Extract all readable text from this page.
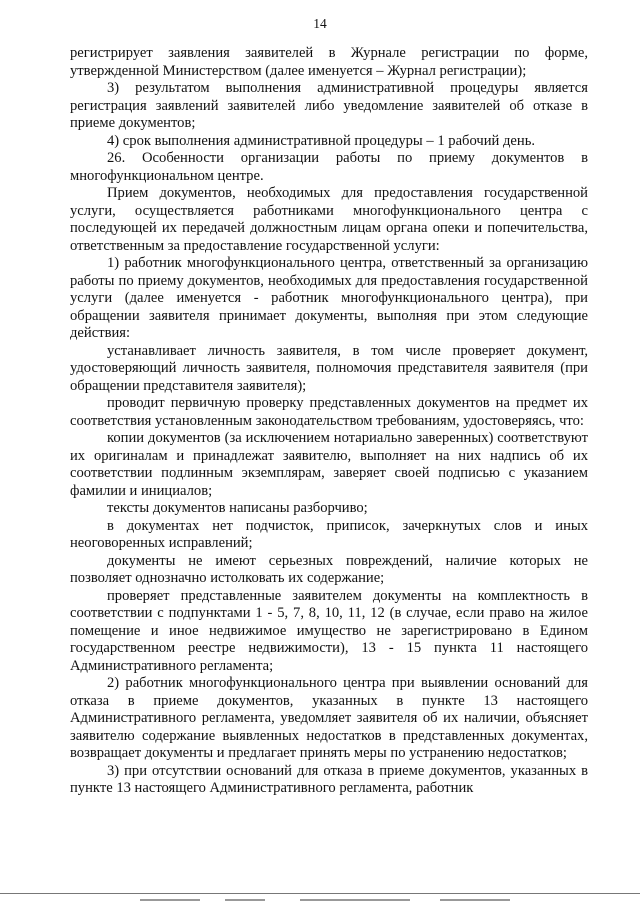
14

регистрирует заявления заявителей в Журнале регистрации по форме, утвержденной Министерством (далее именуется – Журнал регистрации);

3) результатом выполнения административной процедуры является регистрация заявлений заявителей либо уведомление заявителей об отказе в приеме документов;

4) срок выполнения административной процедуры – 1 рабочий день.

26. Особенности организации работы по приему документов в многофункциональном центре.

Прием документов, необходимых для предоставления государственной услуги, осуществляется работниками многофункционального центра с последующей их передачей должностным лицам органа опеки и попечительства, ответственным за предоставление государственной услуги:

1) работник многофункционального центра, ответственный за организацию работы по приему документов, необходимых для предоставления государственной услуги (далее именуется - работник многофункционального центра), при обращении заявителя принимает документы, выполняя при этом следующие действия:

устанавливает личность заявителя, в том числе проверяет документ, удостоверяющий личность заявителя, полномочия представителя заявителя (при обращении представителя заявителя);

проводит первичную проверку представленных документов на предмет их соответствия установленным законодательством требованиям, удостоверяясь, что:

копии документов (за исключением нотариально заверенных) соответствуют их оригиналам и принадлежат заявителю, выполняет на них надпись об их соответствии подлинным экземплярам, заверяет своей подписью с указанием фамилии и инициалов;

тексты документов написаны разборчиво;

в документах нет подчисток, приписок, зачеркнутых слов и иных неоговоренных исправлений;

документы не имеют серьезных повреждений, наличие которых не позволяет однозначно истолковать их содержание;

проверяет представленные заявителем документы на комплектность в соответствии с подпунктами 1 - 5, 7, 8, 10, 11, 12 (в случае, если право на жилое помещение и иное недвижимое имущество не зарегистрировано в Едином государственном реестре недвижимости), 13 - 15 пункта 11 настоящего Административного регламента;

2) работник многофункционального центра при выявлении оснований для отказа в приеме документов, указанных в пункте 13 настоящего Административного регламента, уведомляет заявителя об их наличии, объясняет заявителю содержание выявленных недостатков в представленных документах, возвращает документы и предлагает принять меры по устранению недостатков;

3) при отсутствии оснований для отказа в приеме документов, указанных в пункте 13 настоящего Административного регламента, работник
